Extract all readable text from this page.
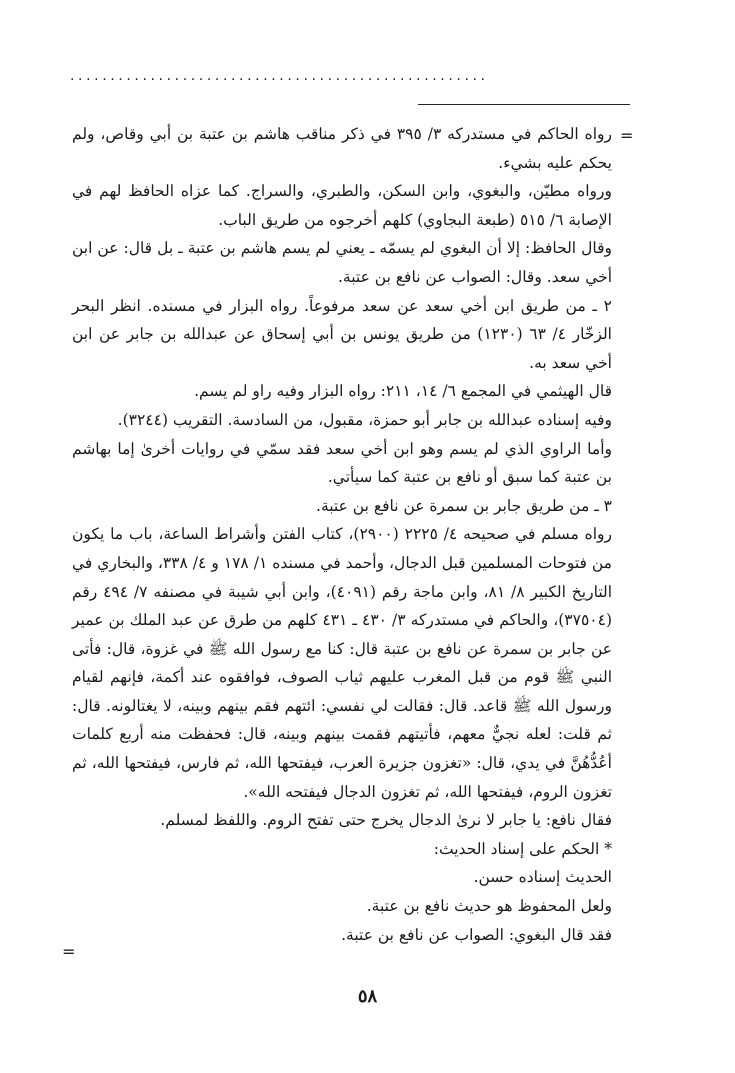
....................................................
=
=

رواه الحاكم في مستدركه ٣/ ٣٩٥ في ذكر مناقب هاشم بن عتبة بن أبي وقاص، ولم يحكم عليه بشيء.

ورواه مطيّن، والبغوي، وابن السكن، والطبري، والسراج. كما عزاه الحافظ لهم في الإصابة ٦/ ٥١٥ (طبعة البجاوي) كلهم أخرجوه من طريق الباب.

وقال الحافظ: إلا أن البغوي لم يسمّه ـ يعني لم يسم هاشم بن عتبة ـ بل قال: عن ابن أخي سعد. وقال: الصواب عن نافع بن عتبة.

٢ ـ من طريق ابن أخي سعد عن سعد مرفوعاً. رواه البزار في مسنده. انظر البحر الزخّار ٤/ ٦٣ (١٢٣٠) من طريق يونس بن أبي إسحاق عن عبدالله بن جابر عن ابن أخي سعد به.

قال الهيثمي في المجمع ٦/ ١٤، ٢١١: رواه البزار وفيه راو لم يسم.

وفيه إسناده عبدالله بن جابر أبو حمزة، مقبول، من السادسة. التقريب (٣٢٤٤).

وأما الراوي الذي لم يسم وهو ابن أخي سعد فقد سمّي في روايات أخرىٰ إما بهاشم بن عتبة كما سبق أو نافع بن عتبة كما سيأتي.

٣ ـ من طريق جابر بن سمرة عن نافع بن عتبة.

رواه مسلم في صحيحه ٤/ ٢٢٢٥ (٢٩٠٠)، كتاب الفتن وأشراط الساعة، باب ما يكون من فتوحات المسلمين قبل الدجال، وأحمد في مسنده ١/ ١٧٨ و ٤/ ٣٣٨، والبخاري في التاريخ الكبير ٨/ ٨١، وابن ماجة رقم (٤٠٩١)، وابن أبي شيبة في مصنفه ٧/ ٤٩٤ رقم (٣٧٥٠٤)، والحاكم في مستدركه ٣/ ٤٣٠ ـ ٤٣١ كلهم من طرق عن عبد الملك بن عمير عن جابر بن سمرة عن نافع بن عتبة قال: كنا مع رسول الله ﷺ في غزوة، قال: فأتى النبي ﷺ قوم من قبل المغرب عليهم ثياب الصوف، فوافقوه عند أكمة، فإنهم لقيام ورسول الله ﷺ قاعد. قال: فقالت لي نفسي: ائتهم فقم بينهم وبينه، لا يغتالونه. قال: ثم قلت: لعله نجيٌّ معهم، فأتيتهم فقمت بينهم وبينه، قال: فحفظت منه أربع كلمات أعُدُّهُنَّ في يدي، قال: «تغزون جزيرة العرب، فيفتحها الله، ثم فارس، فيفتحها الله، ثم تغزون الروم، فيفتحها الله، ثم تغزون الدجال فيفتحه الله».

فقال نافع: يا جابر لا نرىٰ الدجال يخرج حتى تفتح الروم. واللفظ لمسلم.

* الحكم على إسناد الحديث:

الحديث إسناده حسن.

ولعل المحفوظ هو حديث نافع بن عتبة.

فقد قال البغوي: الصواب عن نافع بن عتبة.

٥٨
